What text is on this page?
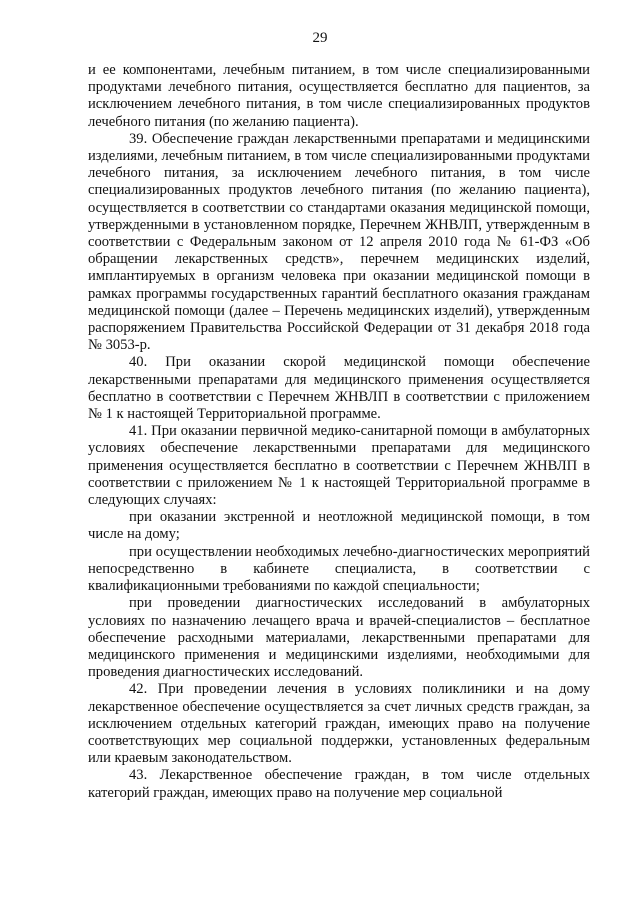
29

и ее компонентами, лечебным питанием, в том числе специализированными продуктами лечебного питания, осуществляется бесплатно для пациентов, за исключением лечебного питания, в том числе специализированных продуктов лечебного питания (по желанию пациента).

39. Обеспечение граждан лекарственными препаратами и медицинскими изделиями, лечебным питанием, в том числе специализированными продуктами лечебного питания, за исключением лечебного питания, в том числе специализированных продуктов лечебного питания (по желанию пациента), осуществляется в соответствии со стандартами оказания медицинской помощи, утвержденными в установленном порядке, Перечнем ЖНВЛП, утвержденным в соответствии с Федеральным законом от 12 апреля 2010 года № 61-ФЗ «Об обращении лекарственных средств», перечнем медицинских изделий, имплантируемых в организм человека при оказании медицинской помощи в рамках программы государственных гарантий бесплатного оказания гражданам медицинской помощи (далее – Перечень медицинских изделий), утвержденным распоряжением Правительства Российской Федерации от 31 декабря 2018 года № 3053-р.

40. При оказании скорой медицинской помощи обеспечение лекарственными препаратами для медицинского применения осуществляется бесплатно в соответствии с Перечнем ЖНВЛП в соответствии с приложением № 1 к настоящей Территориальной программе.

41. При оказании первичной медико-санитарной помощи в амбулаторных условиях обеспечение лекарственными препаратами для медицинского применения осуществляется бесплатно в соответствии с Перечнем ЖНВЛП в соответствии с приложением № 1 к настоящей Территориальной программе в следующих случаях:

при оказании экстренной и неотложной медицинской помощи, в том числе на дому;

при осуществлении необходимых лечебно-диагностических мероприятий непосредственно в кабинете специалиста, в соответствии с квалификационными требованиями по каждой специальности;

при проведении диагностических исследований в амбулаторных условиях по назначению лечащего врача и врачей-специалистов – бесплатное обеспечение расходными материалами, лекарственными препаратами для медицинского применения и медицинскими изделиями, необходимыми для проведения диагностических исследований.

42. При проведении лечения в условиях поликлиники и на дому лекарственное обеспечение осуществляется за счет личных средств граждан, за исключением отдельных категорий граждан, имеющих право на получение соответствующих мер социальной поддержки, установленных федеральным или краевым законодательством.

43. Лекарственное обеспечение граждан, в том числе отдельных категорий граждан, имеющих право на получение мер социальной
